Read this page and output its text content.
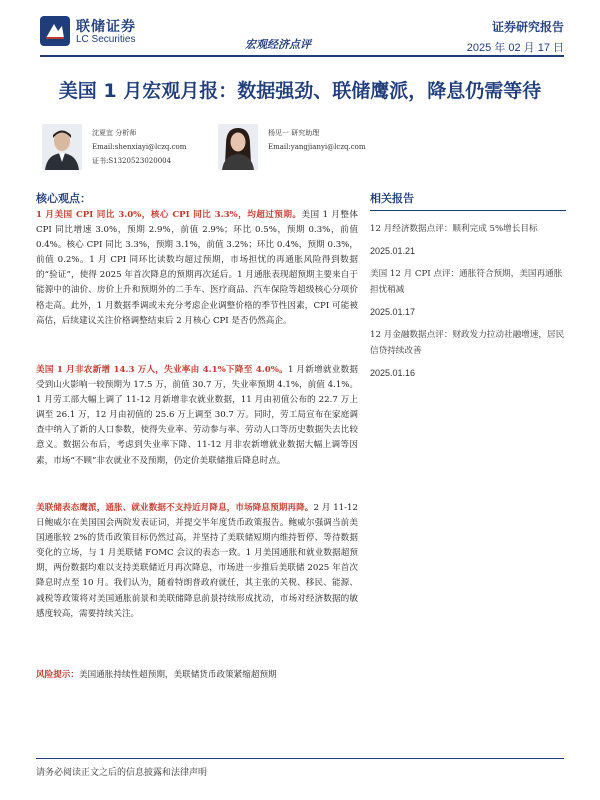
联储证券
LC Securities	宏观经济点评
证券研究报告
2025 年 02 月 17 日
美国 1 月宏观月报：数据强劲、联储鹰派，降息仍需等待
沈夏宜 分析师
Email:shenxiayi@lczq.com
证书:S1320523020004
杨见一 研究助理
Email:yangjianyi@lczq.com
核心观点：
1 月美国 CPI 同比 3.0%，核心 CPI 同比 3.3%，均超过预期。美国 1 月整体 CPI 同比增速 3.0%，预期 2.9%，前值 2.9%；环比 0.5%，预期 0.3%，前值 0.4%。核心 CPI 同比 3.3%，预期 3.1%，前值 3.2%；环比 0.4%，预期 0.3%，前值 0.2%。1 月 CPI 同环比读数均超过预期，市场担忧的再通胀风险得到数据的“验证”，使得 2025 年首次降息的预期再次延后。1 月通胀表现超预期主要来自于能源中的油价、房价上升和预期外的二手车、医疗商品、汽车保险等超级核心分项价格走高。此外，1 月数据季调或未充分考虑企业调整价格的季节性因素，CPI 可能被高估，后续建议关注价格调整结束后 2 月核心 CPI 是否仍然高企。
美国 1 月非农新增 14.3 万人，失业率由 4.1%下降至 4.0%。1 月新增就业数据受到山火影响一较预期为 17.5 万，前值 30.7 万，失业率预期 4.1%，前值 4.1%。1 月劳工部大幅上调了 11-12 月新增非农就业数据，11 月由初值公布的 22.7 万上调至 26.1 万，12 月由初值的 25.6 万上调至 30.7 万。同时，劳工局宣布在家庭调查中纳入了新的人口参数，使得失业率、劳动参与率、劳动人口等历史数据失去比较意义。数据公布后，考虑到失业率下降、11-12 月非农新增就业数据大幅上调等因素，市场“不顾”非农就业不及预期，仍定价美联储推后降息时点。
美联储表态鹰派，通胀、就业数据不支持近月降息，市场降息预期再降。2 月 11-12 日鲍威尔在美国国会两院发表证词，并提交半年度货币政策报告。鲍威尔强调当前美国通胀较 2%的货币政策目标仍然过高，并坚持了美联储短期内维持暂停、等待数据变化的立场，与 1 月美联储 FOMC 会议的表态一致。1 月美国通胀和就业数据超预期，两份数据均难以支持美联储近月再次降息，市场进一步推后美联储 2025 年首次降息时点至 10 月。我们认为，随着特朗普政府就任，其主张的关税、移民、能源、减税等政策将对美国通胀前景和美联储降息前景持续形成扰动，市场对经济数据的敏感度较高，需要持续关注。
风险提示：美国通胀持续性超预期，美联储货币政策紧缩超预期
相关报告
12 月经济数据点评：顺利完成 5%增长目标
2025.01.21
美国 12 月 CPI 点评：通胀符合预期，美国再通胀担忧稍减
2025.01.17
12 月金融数据点评：财政发力拉动社融增速，居民信贷持续改善
2025.01.16
请务必阅读正文之后的信息披露和法律声明
